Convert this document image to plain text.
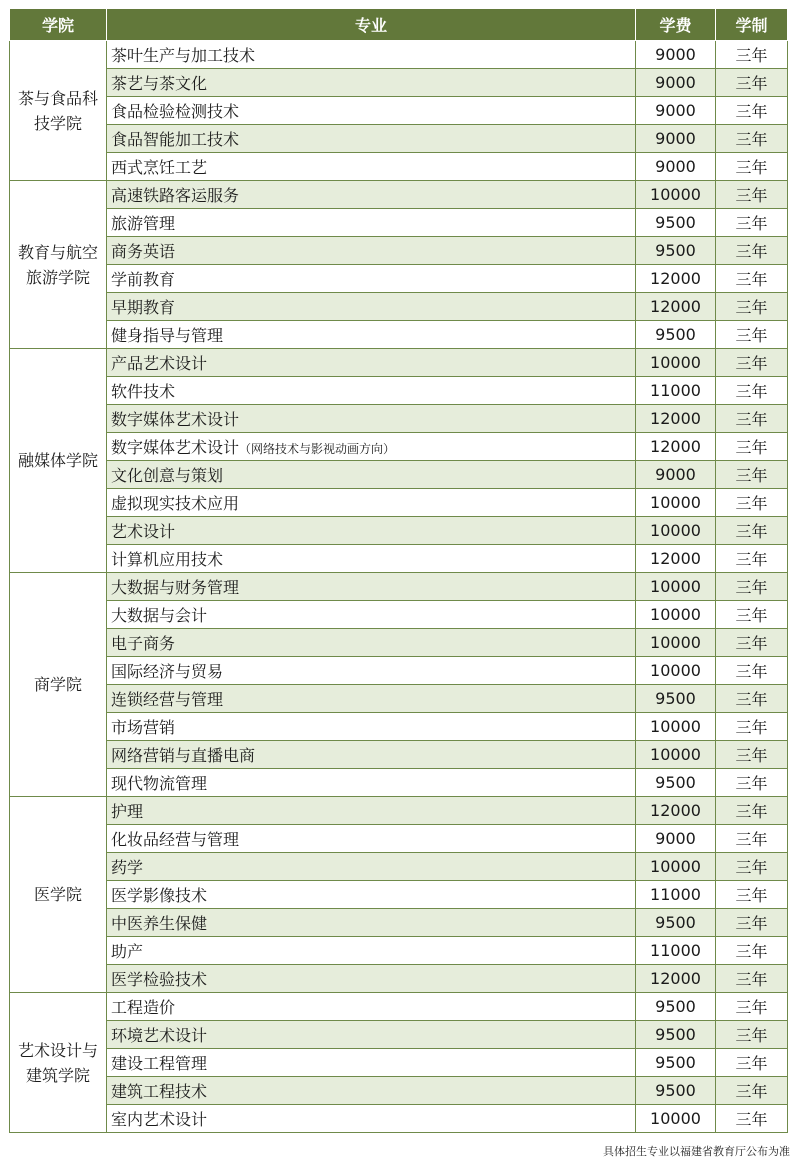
学院	专业	学费	学制
茶与食品科技学院	茶叶生产与加工技术	9000	三年
	茶艺与茶文化	9000	三年
	食品检验检测技术	9000	三年
	食品智能加工技术	9000	三年
	西式烹饪工艺	9000	三年
教育与航空旅游学院	高速铁路客运服务	10000	三年
	旅游管理	9500	三年
	商务英语	9500	三年
	学前教育	12000	三年
	早期教育	12000	三年
	健身指导与管理	9500	三年
融媒体学院	产品艺术设计	10000	三年
	软件技术	11000	三年
	数字媒体艺术设计	12000	三年
	数字媒体艺术设计（网络技术与影视动画方向）	12000	三年
	文化创意与策划	9000	三年
	虚拟现实技术应用	10000	三年
	艺术设计	10000	三年
	计算机应用技术	12000	三年
商学院	大数据与财务管理	10000	三年
	大数据与会计	10000	三年
	电子商务	10000	三年
	国际经济与贸易	10000	三年
	连锁经营与管理	9500	三年
	市场营销	10000	三年
	网络营销与直播电商	10000	三年
	现代物流管理	9500	三年
医学院	护理	12000	三年
	化妆品经营与管理	9000	三年
	药学	10000	三年
	医学影像技术	11000	三年
	中医养生保健	9500	三年
	助产	11000	三年
	医学检验技术	12000	三年
艺术设计与建筑学院	工程造价	9500	三年
	环境艺术设计	9500	三年
	建设工程管理	9500	三年
	建筑工程技术	9500	三年
	室内艺术设计	10000	三年
具体招生专业以福建省教育厅公布为准
